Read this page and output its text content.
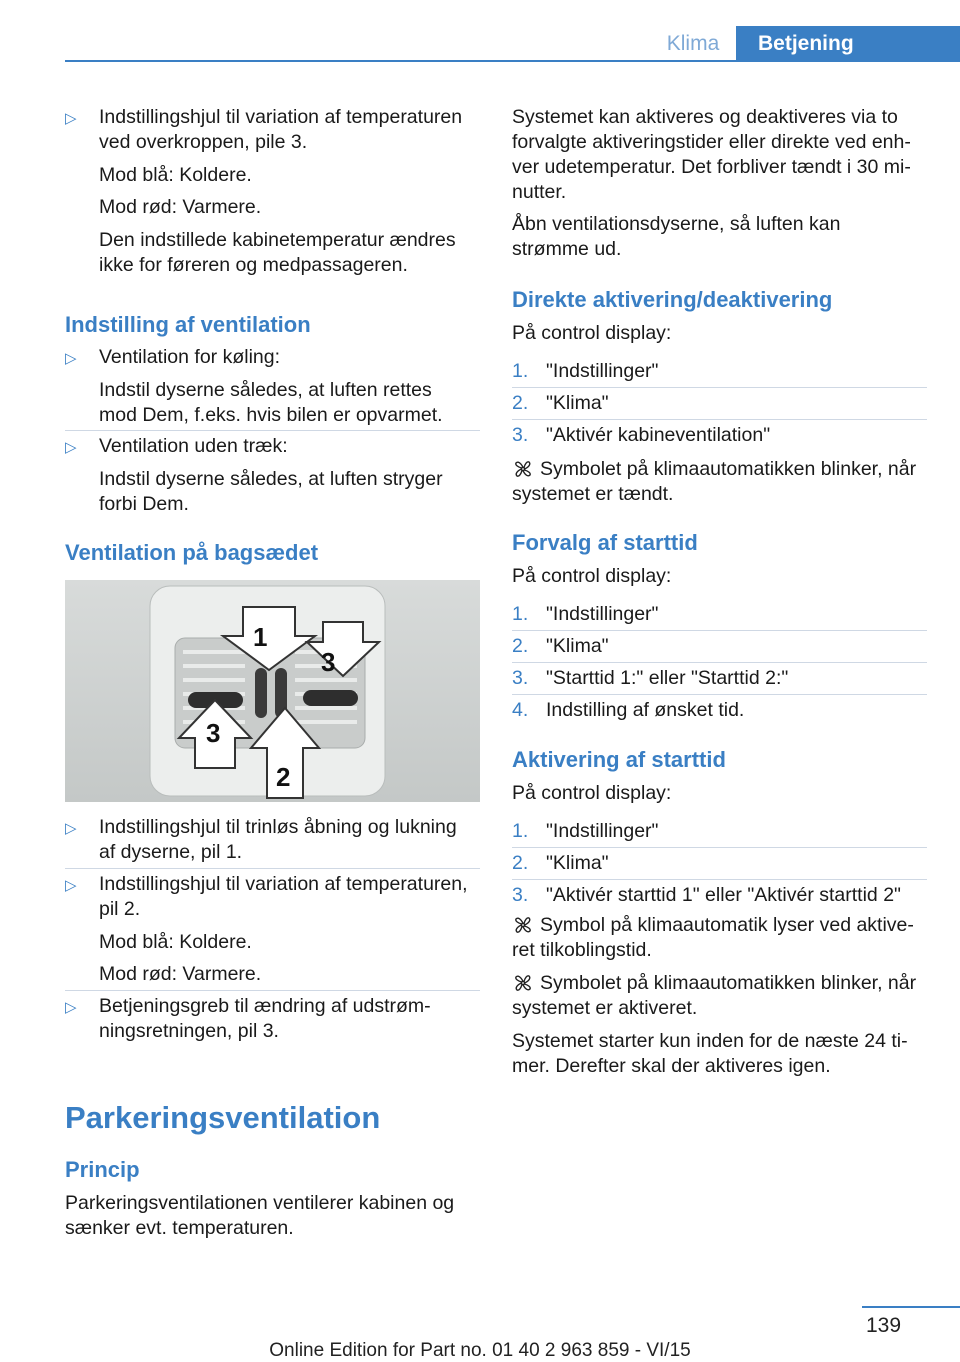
Klima	Betjening
▷ Indstillingshjul til variation af temperaturen
ved overkroppen, pile 3.
Mod blå: Koldere.
Mod rød: Varmere.
Den indstillede kabinetemperatur ændres
ikke for føreren og medpassageren.
Indstilling af ventilation
▷ Ventilation for køling:
Indstil dyserne således, at luften rettes
mod Dem, f.eks. hvis bilen er opvarmet.
▷ Ventilation uden træk:
Indstil dyserne således, at luften stryger
forbi Dem.
Ventilation på bagsædet
1
2
3
3
▷ Indstillingshjul til trinløs åbning og lukning
af dyserne, pil 1.
▷ Indstillingshjul til variation af temperaturen,
pil 2.
Mod blå: Koldere.
Mod rød: Varmere.
▷ Betjeningsgreb til ændring af udstrøm-
ningsretningen, pil 3.
Parkeringsventilation
Princip
Parkeringsventilationen ventilerer kabinen og
sænker evt. temperaturen.
Systemet kan aktiveres og deaktiveres via to
forvalgte aktiveringstider eller direkte ved enh-
ver udetemperatur. Det forbliver tændt i 30 mi-
nutter.
Åbn ventilationsdyserne, så luften kan
strømme ud.
Direkte aktivering/deaktivering
På control display:
1. "Indstillinger"
2. "Klima"
3. "Aktivér kabineventilation"
Symbolet på klimaautomatikken blinker, når
systemet er tændt.
Forvalg af starttid
På control display:
1. "Indstillinger"
2. "Klima"
3. "Starttid 1:" eller "Starttid 2:"
4. Indstilling af ønsket tid.
Aktivering af starttid
På control display:
1. "Indstillinger"
2. "Klima"
3. "Aktivér starttid 1" eller "Aktivér starttid 2"
Symbol på klimaautomatik lyser ved aktive-
ret tilkoblingstid.
Symbolet på klimaautomatikken blinker, når
systemet er aktiveret.
Systemet starter kun inden for de næste 24 ti-
mer. Derefter skal der aktiveres igen.
139
Online Edition for Part no. 01 40 2 963 859 - VI/15
